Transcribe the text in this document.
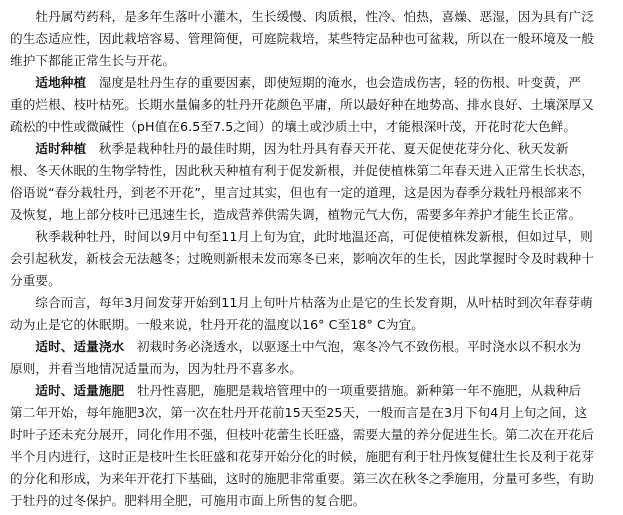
　　牡丹属芍药科，是多年生落叶小灌木，生长缓慢、肉质根，性冷、怕热，喜燥、恶湿，因为具有广泛
的生态适应性，因此栽培容易、管理简便，可庭院栽培，某些特定品种也可盆栽，所以在一般环境及一般
维护下都能正常生长与开花。
　　适地种植　湿度是牡丹生存的重要因素，即使短期的淹水，也会造成伤害，轻的伤根、叶变黄，严
重的烂根、枝叶枯死。长期水量偏多的牡丹开花颜色平庸，所以最好种在地势高、排水良好、土壤深厚又
疏松的中性或微碱性（pH值在6.5至7.5之间）的壤土或沙质土中，才能根深叶茂，开花时花大色鲜。
　　适时种植　秋季是栽种牡丹的最佳时期，因为牡丹具有春天开花、夏天促使花芽分化、秋天发新
根、冬天休眠的生物学特性，因此秋天种植有利于促发新根，并促使植株第二年春天进入正常生长状态，
俗语说“春分栽牡丹，到老不开花”，里言过其实，但也有一定的道理，这是因为春季分栽牡丹根部来不
及恢复，地上部分枝叶已迅速生长，造成营养供需失调，植物元气大伤，需要多年养护才能生长正常。
　　秋季栽种牡丹，时间以9月中旬至11月上旬为宜，此时地温还高，可促使植株发新根，但如过早，则
会引起秋发，新枝会无法越冬；过晚则新根未发而寒冬已来，影响次年的生长，因此掌握时令及时栽种十
分重要。
　　综合而言，每年3月间发芽开始到11月上旬叶片枯落为止是它的生长发育期，从叶枯时到次年春芽萌
动为止是它的休眠期。一般来说，牡丹开花的温度以16° C至18° C为宜。
　　适时、适量浇水　初栽时务必浇透水，以驱逐土中气泡，寒冬冷气不致伤根。平时浇水以不积水为
原则，并看当地情况适量而为，因为牡丹不喜多水。
　　适时、适量施肥　牡丹性喜肥，施肥是栽培管理中的一项重要措施。新种第一年不施肥，从栽种后
第二年开始，每年施肥3次，第一次在牡丹开花前15天至25天，一般而言是在3月下旬4月上旬之间，这
时叶子还未充分展开，同化作用不强，但枝叶花蕾生长旺盛，需要大量的养分促进生长。第二次在开花后
半个月内进行，这时正是枝叶生长旺盛和花芽开始分化的时候，施肥有利于牡丹恢复健壮生长及利于花芽
的分化和形成，为来年开花打下基础，这时的施肥非常重要。第三次在秋冬之季施用，分量可多些，有助
于牡丹的过冬保护。肥料用全肥，可施用市面上所售的复合肥。
